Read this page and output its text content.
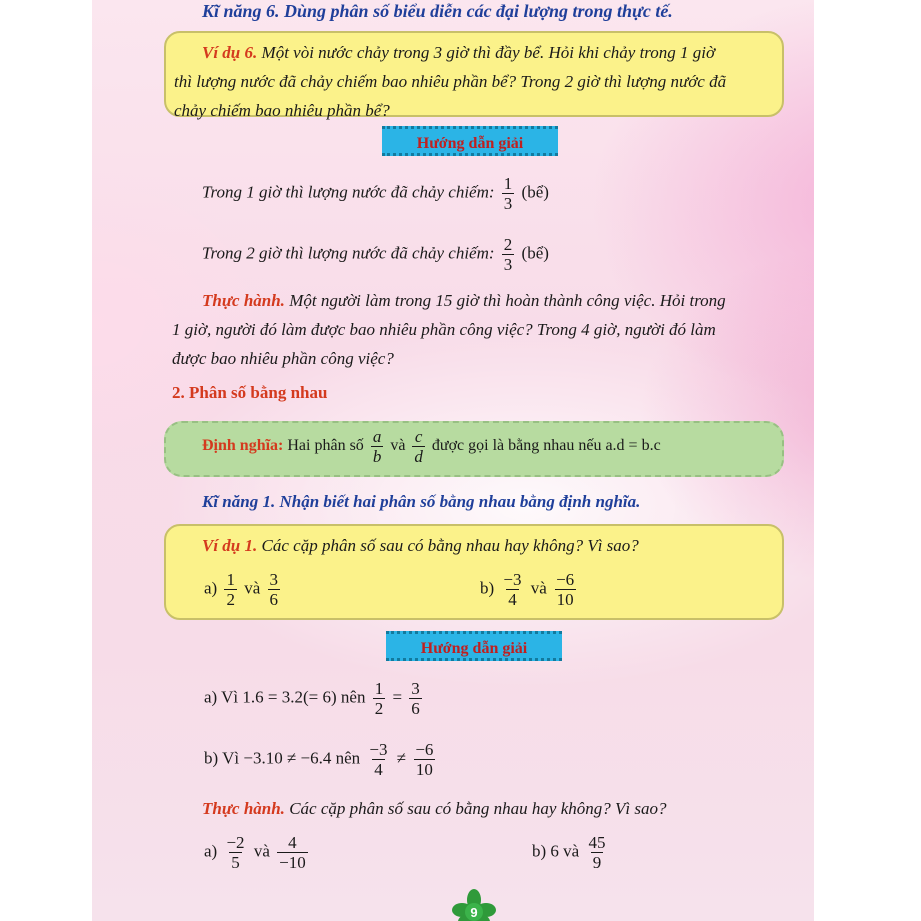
Kĩ năng 6. Dùng phân số biểu diễn các đại lượng trong thực tế.
Ví dụ 6. Một vòi nước chảy trong 3 giờ thì đầy bể. Hỏi khi chảy trong 1 giờ
thì lượng nước đã chảy chiếm bao nhiêu phần bể? Trong 2 giờ thì lượng nước đã
chảy chiếm bao nhiêu phần bể?
Hướng dẫn giải
Trong 1 giờ thì lượng nước đã chảy chiếm: $\frac{1}{3}$ (bể)
Trong 2 giờ thì lượng nước đã chảy chiếm: $\frac{2}{3}$ (bể)
Thực hành. Một người làm trong 15 giờ thì hoàn thành công việc. Hỏi trong
1 giờ, người đó làm được bao nhiêu phần công việc? Trong 4 giờ, người đó làm
được bao nhiêu phần công việc?
2. Phân số bằng nhau
Định nghĩa: Hai phân số $\frac{a}{b}$ và $\frac{c}{d}$ được gọi là bằng nhau nếu a.d = b.c
Kĩ năng 1. Nhận biết hai phân số bằng nhau bằng định nghĩa.
Ví dụ 1. Các cặp phân số sau có bằng nhau hay không? Vì sao?
$a) \frac{1}{2}$ và $\frac{3}{6}$	$b) \frac{-3}{4}$ và $\frac{-6}{10}$
Hướng dẫn giải
a) Vì 1.6 = 3.2(= 6) nên $\frac{1}{2} = \frac{3}{6}$
b) Vì −3.10 ≠ −6.4 nên $\frac{-3}{4} \ne \frac{-6}{10}$
Thực hành. Các cặp phân số sau có bằng nhau hay không? Vì sao?
$a) \frac{-2}{5}$ và $\frac{4}{-10}$	b) 6 và $\frac{45}{9}$
9
